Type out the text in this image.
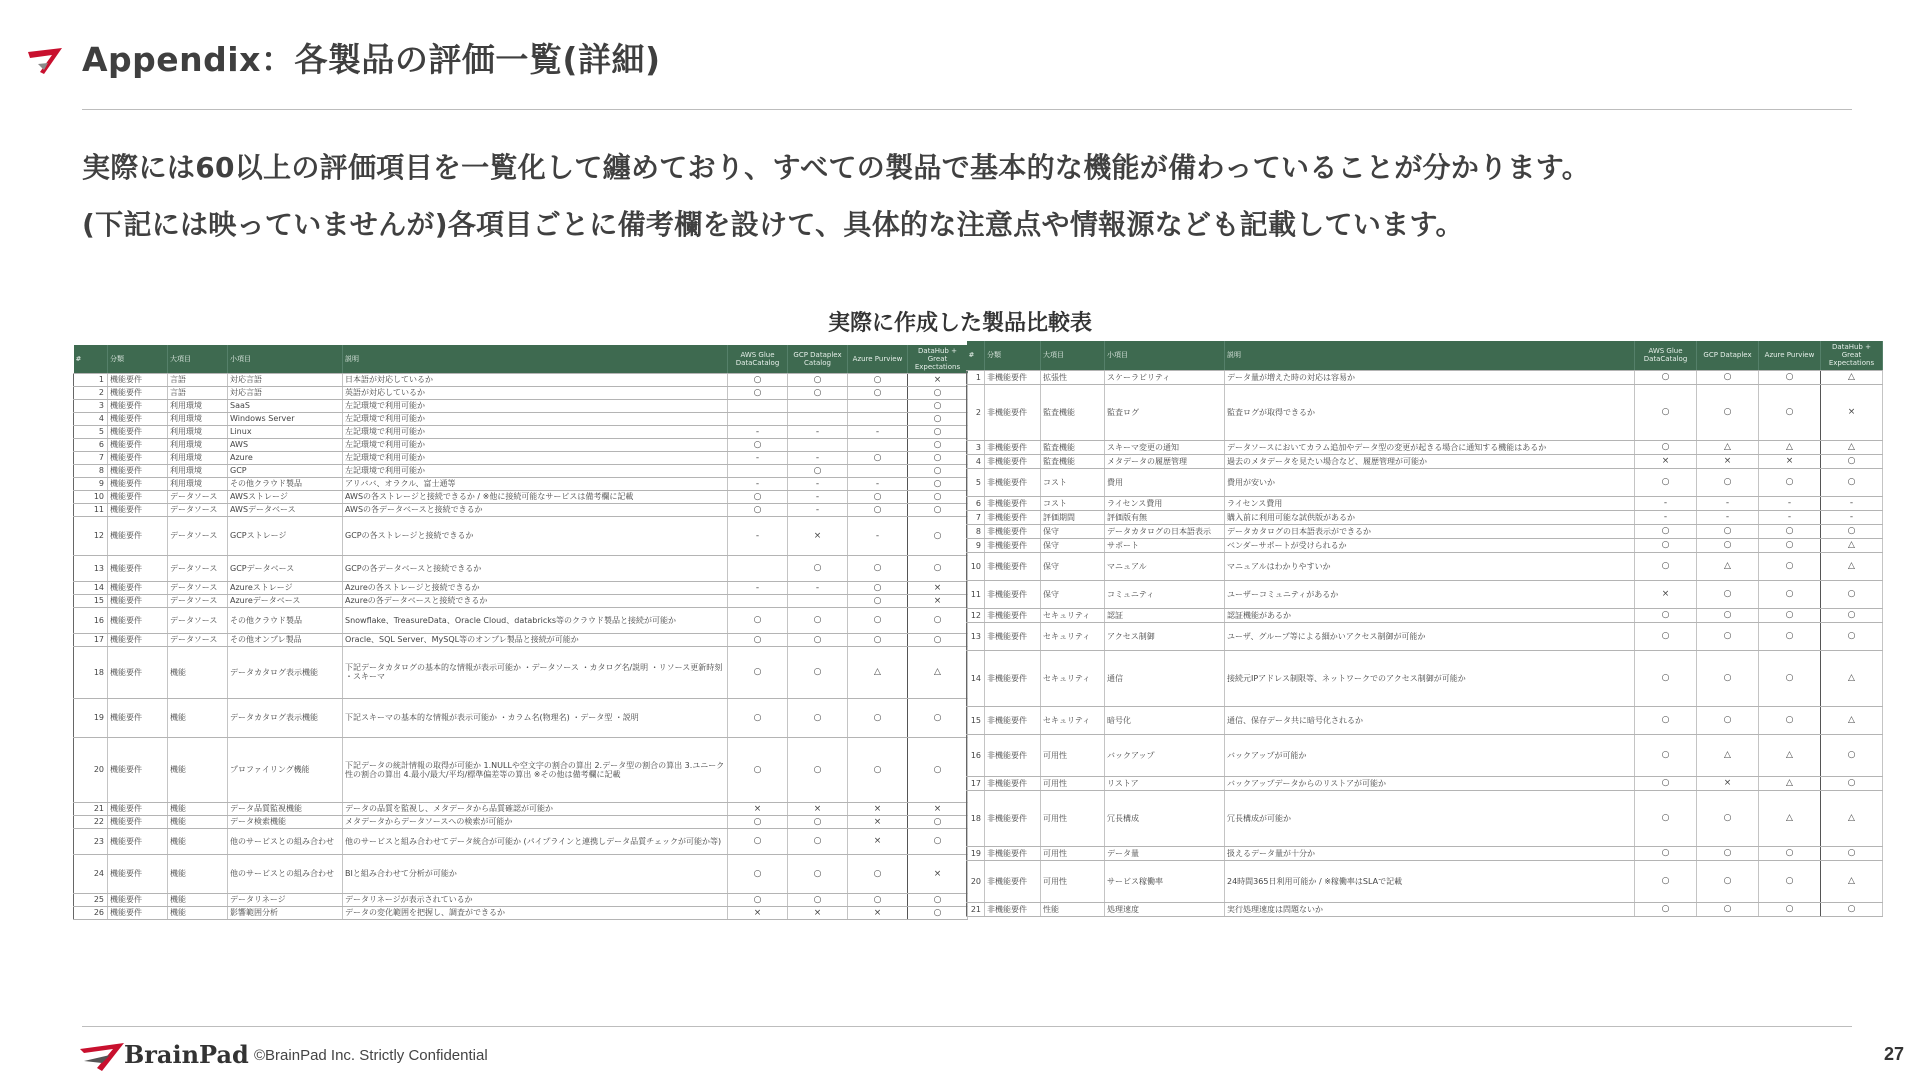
Appendix：各製品の評価一覧(詳細)
実際には60以上の評価項目を一覧化して纏めており、すべての製品で基本的な機能が備わっていることが分かります。
(下記には映っていませんが)各項目ごとに備考欄を設けて、具体的な注意点や情報源なども記載しています。
実際に作成した製品比較表
#	分類	大項目	小項目	説明	AWS Glue DataCatalog	GCP Dataplex Catalog	Azure Purview	DataHub + Great Expectations
1	機能要件	言語	対応言語	日本語が対応しているか	○	○	○	×
2	機能要件	言語	対応言語	英語が対応しているか	○	○	○	○
3	機能要件	利用環境	SaaS	左記環境で利用可能か				○
4	機能要件	利用環境	Windows Server	左記環境で利用可能か				○
5	機能要件	利用環境	Linux	左記環境で利用可能か	-	-	-	○
6	機能要件	利用環境	AWS	左記環境で利用可能か	○			○
7	機能要件	利用環境	Azure	左記環境で利用可能か	-	-	○	○
8	機能要件	利用環境	GCP	左記環境で利用可能か		○		○
9	機能要件	利用環境	その他クラウド製品	アリババ、オラクル、富士通等	-	-	-	○
10	機能要件	データソース	AWSストレージ	AWSの各ストレージと接続できるか / ※他に接続可能なサービスは備考欄に記載	○	-	○	○
11	機能要件	データソース	AWSデータベース	AWSの各データベースと接続できるか	○	-	○	○
12	機能要件	データソース	GCPストレージ	GCPの各ストレージと接続できるか	-	×	-	○
13	機能要件	データソース	GCPデータベース	GCPの各データベースと接続できるか		○	○	○
14	機能要件	データソース	Azureストレージ	Azureの各ストレージと接続できるか	-	-	○	×
15	機能要件	データソース	Azureデータベース	Azureの各データベースと接続できるか			○	×
16	機能要件	データソース	その他クラウド製品	Snowflake、TreasureData、Oracle Cloud、databricks等のクラウド製品と接続が可能か	○	○	○	○
17	機能要件	データソース	その他オンプレ製品	Oracle、SQL Server、MySQL等のオンプレ製品と接続が可能か	○	○	○	○
18	機能要件	機能	データカタログ表示機能	下記データカタログの基本的な情報が表示可能か ・データソース ・カタログ名/説明 ・リソース更新時刻 ・スキーマ	○	○	△	△
19	機能要件	機能	データカタログ表示機能	下記スキーマの基本的な情報が表示可能か ・カラム名(物理名) ・データ型 ・説明	○	○	○	○
20	機能要件	機能	プロファイリング機能	下記データの統計情報の取得が可能か 1.NULLや空文字の割合の算出 2.データ型の割合の算出 3.ユニーク性の割合の算出 4.最小/最大/平均/標準偏差等の算出 ※その他は備考欄に記載	○	○	○	○
21	機能要件	機能	データ品質監視機能	データの品質を監視し、メタデータから品質確認が可能か	×	×	×	×
22	機能要件	機能	データ検索機能	メタデータからデータソースへの検索が可能か	○	○	×	○
23	機能要件	機能	他のサービスとの組み合わせ	他のサービスと組み合わせてデータ統合が可能か (パイプラインと連携しデータ品質チェックが可能か等)	○	○	×	○
24	機能要件	機能	他のサービスとの組み合わせ	BIと組み合わせて分析が可能か	○	○	○	×
25	機能要件	機能	データリネージ	データリネージが表示されているか	○	○	○	○
26	機能要件	機能	影響範囲分析	データの変化範囲を把握し、調査ができるか	×	×	×	○
#	分類	大項目	小項目	説明	AWS Glue DataCatalog	GCP Dataplex	Azure Purview	DataHub + Great Expectations
1	非機能要件	拡張性	スケーラビリティ	データ量が増えた時の対応は容易か	○	○	○	△
2	非機能要件	監査機能	監査ログ	監査ログが取得できるか	○	○	○	×
3	非機能要件	監査機能	スキーマ変更の通知	データソースにおいてカラム追加やデータ型の変更が起きる場合に通知する機能はあるか	○	△	△	△
4	非機能要件	監査機能	メタデータの履歴管理	過去のメタデータを見たい場合など、履歴管理が可能か	×	×	×	○
5	非機能要件	コスト	費用	費用が安いか	○	○	○	○
6	非機能要件	コスト	ライセンス費用	ライセンス費用	-	-	-	-
7	非機能要件	評価期間	評価版有無	購入前に利用可能な試供版があるか	-	-	-	-
8	非機能要件	保守	データカタログの日本語表示	データカタログの日本語表示ができるか	○	○	○	○
9	非機能要件	保守	サポート	ベンダーサポートが受けられるか	○	○	○	△
10	非機能要件	保守	マニュアル	マニュアルはわかりやすいか	○	△	○	△
11	非機能要件	保守	コミュニティ	ユーザーコミュニティがあるか	×	○	○	○
12	非機能要件	セキュリティ	認証	認証機能があるか	○	○	○	○
13	非機能要件	セキュリティ	アクセス制御	ユーザ、グループ等による細かいアクセス制御が可能か	○	○	○	○
14	非機能要件	セキュリティ	通信	接続元IPアドレス制限等、ネットワークでのアクセス制御が可能か	○	○	○	△
15	非機能要件	セキュリティ	暗号化	通信、保存データ共に暗号化されるか	○	○	○	△
16	非機能要件	可用性	バックアップ	バックアップが可能か	○	△	△	○
17	非機能要件	可用性	リストア	バックアップデータからのリストアが可能か	○	×	△	○
18	非機能要件	可用性	冗長構成	冗長構成が可能か	○	○	△	△
19	非機能要件	可用性	データ量	扱えるデータ量が十分か	○	○	○	○
20	非機能要件	可用性	サービス稼働率	24時間365日利用可能か / ※稼働率はSLAで記載	○	○	○	△
21	非機能要件	性能	処理速度	実行処理速度は問題ないか	○	○	○	○
BrainPad ©BrainPad Inc. Strictly Confidential	27
